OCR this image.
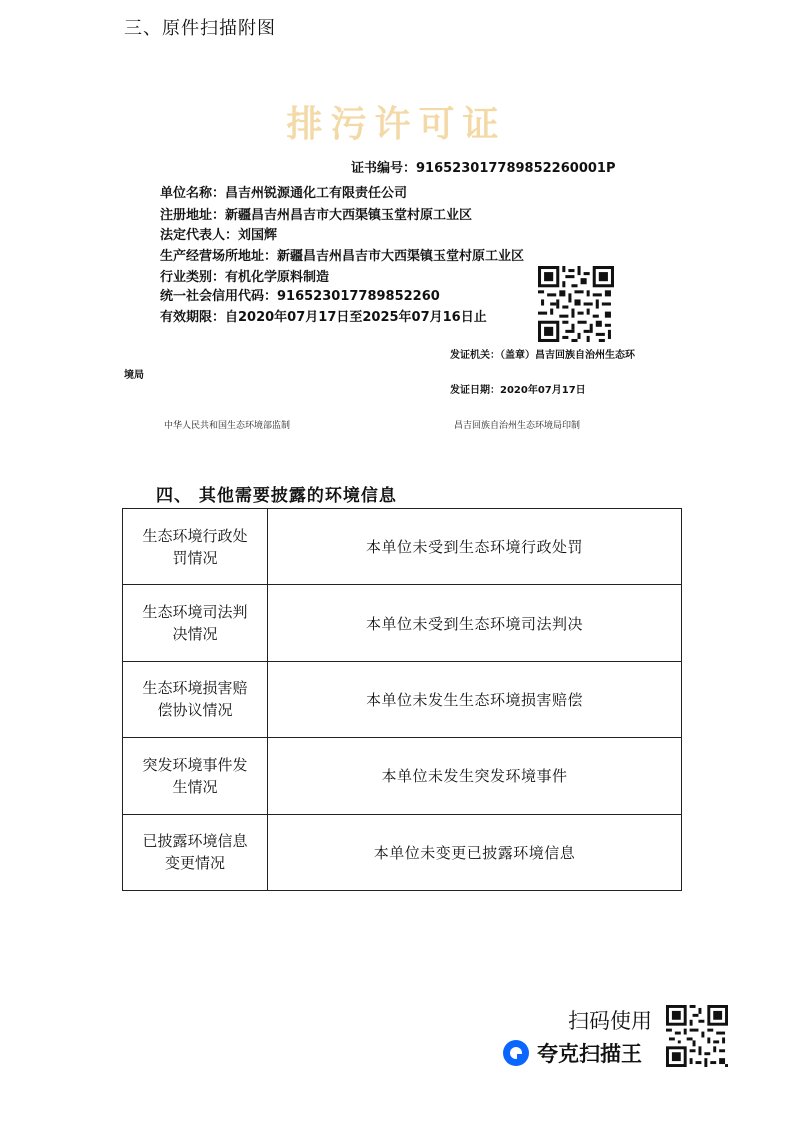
三、原件扫描附图
排污许可证
证书编号：91652301778985226000​1P
单位名称：昌吉州锐源通化工有限责任公司
注册地址：新疆昌吉州昌吉市大西渠镇玉堂村原工业区
法定代表人：刘国辉
生产经营场所地址：新疆昌吉州昌吉市大西渠镇玉堂村原工业区
行业类别：有机化学原料制造
统一社会信用代码：916523017789852260
有效期限：自2020年07月17日至2025年07月16日止
发证机关：（盖章）昌吉回族自治州生态环
境局
发证日期：2020年07月17日
中华人民共和国生态环境部监制	昌吉回族自治州生态环境局印制
四、 其他需要披露的环境信息
生态环境行政处
罚情况	本单位未受到生态环境行政处罚
生态环境司法判
决情况	本单位未受到生态环境司法判决
生态环境损害赔
偿协议情况	本单位未发生生态环境损害赔偿
突发环境事件发
生情况	本单位未发生突发环境事件
已披露环境信息
变更情况	本单位未变更已披露环境信息
扫码使用
夸克扫描王
